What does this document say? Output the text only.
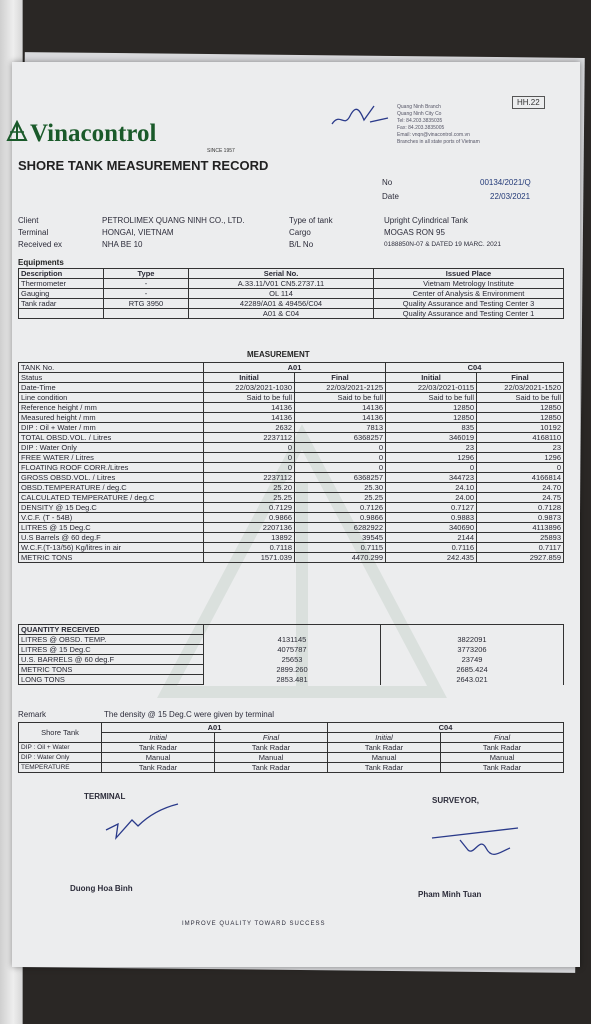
Vinacontrol
SINCE 1957
SHORE TANK MEASUREMENT RECORD
HH.22
Quang Ninh Branch
Quang Ninh City Co
Tel: 84.203.3835035
Fax: 84.203.3835005
Email: vnqn@vinacontrol.com.vn
Branches in all state ports of Vietnam
No	00134/2021/Q
Date	22/03/2021
Client	PETROLIMEX QUANG NINH CO., LTD.
Terminal	HONGAI, VIETNAM
Received ex	NHA BE 10
Type of tank	Upright Cylindrical Tank
Cargo	MOGAS RON 95
B/L No	0188850N-07 & DATED 19 MARC. 2021
Equipments
Description	Type	Serial No.	Issued Place
Thermometer	-	A.33.11/V01 CN5.2737.11	Vietnam Metrology Institute
Gauging	-	OL 114	Center of Analysis & Environment
Tank radar	RTG 3950	42289/A01 & 49456/C04	Quality Assurance and Testing Center 3
		A01 & C04	Quality Assurance and Testing Center 1
MEASUREMENT
TANK No.	A01		C04	
Status	Initial	Final	Initial	Final
Date-Time	22/03/2021-1030	22/03/2021-2125	22/03/2021-0115	22/03/2021-1520
Line condition	Said to be full	Said to be full	Said to be full	Said to be full
Reference height / mm	14136	14136	12850	12850
Measured height / mm	14136	14136	12850	12850
DIP : Oil + Water / mm	2632	7813	835	10192
TOTAL OBSD.VOL. / Litres	2237112	6368257	346019	4168110
DIP : Water Only	0	0	23	23
FREE WATER / Litres	0	0	1296	1296
FLOATING ROOF CORR./Litres	0	0	0	0
GROSS OBSD.VOL. / Litres	2237112	6368257	344723	4166814
OBSD.TEMPERATURE / deg.C	25.20	25.30	24.10	24.70
CALCULATED TEMPERATURE / deg.C	25.25	25.25	24.00	24.75
DENSITY @ 15 Deg.C	0.7129	0.7126	0.7127	0.7128
V.C.F. (T - 54B)	0.9866	0.9866	0.9883	0.9873
LITRES @ 15 Deg.C	2207136	6282922	340690	4113896
U.S Barrels @ 60 deg.F	13892	39545	2144	25893
W.C.F.(T-13/56) Kg/litres in air	0.7118	0.7115	0.7116	0.7117
METRIC TONS	1571.039	4470.299	242.435	2927.859
QUANTITY RECEIVED		
LITRES @ OBSD. TEMP.	4131145	3822091
LITRES @ 15 Deg.C	4075787	3773206
U.S. BARRELS @ 60 deg.F	25653	23749
METRIC TONS	2899.260	2685.424
LONG TONS	2853.481	2643.021
Remark	The density @ 15 Deg.C were given by terminal
Shore Tank	A01		C04	
	Initial	Final	Initial	Final
DIP : Oil + Water	Tank Radar	Tank Radar	Tank Radar	Tank Radar
DIP : Water Only	Manual	Manual	Manual	Manual
TEMPERATURE	Tank Radar	Tank Radar	Tank Radar	Tank Radar
TERMINAL	SURVEYOR,
Duong Hoa Binh
Pham Minh Tuan
IMPROVE QUALITY TOWARD SUCCESS
